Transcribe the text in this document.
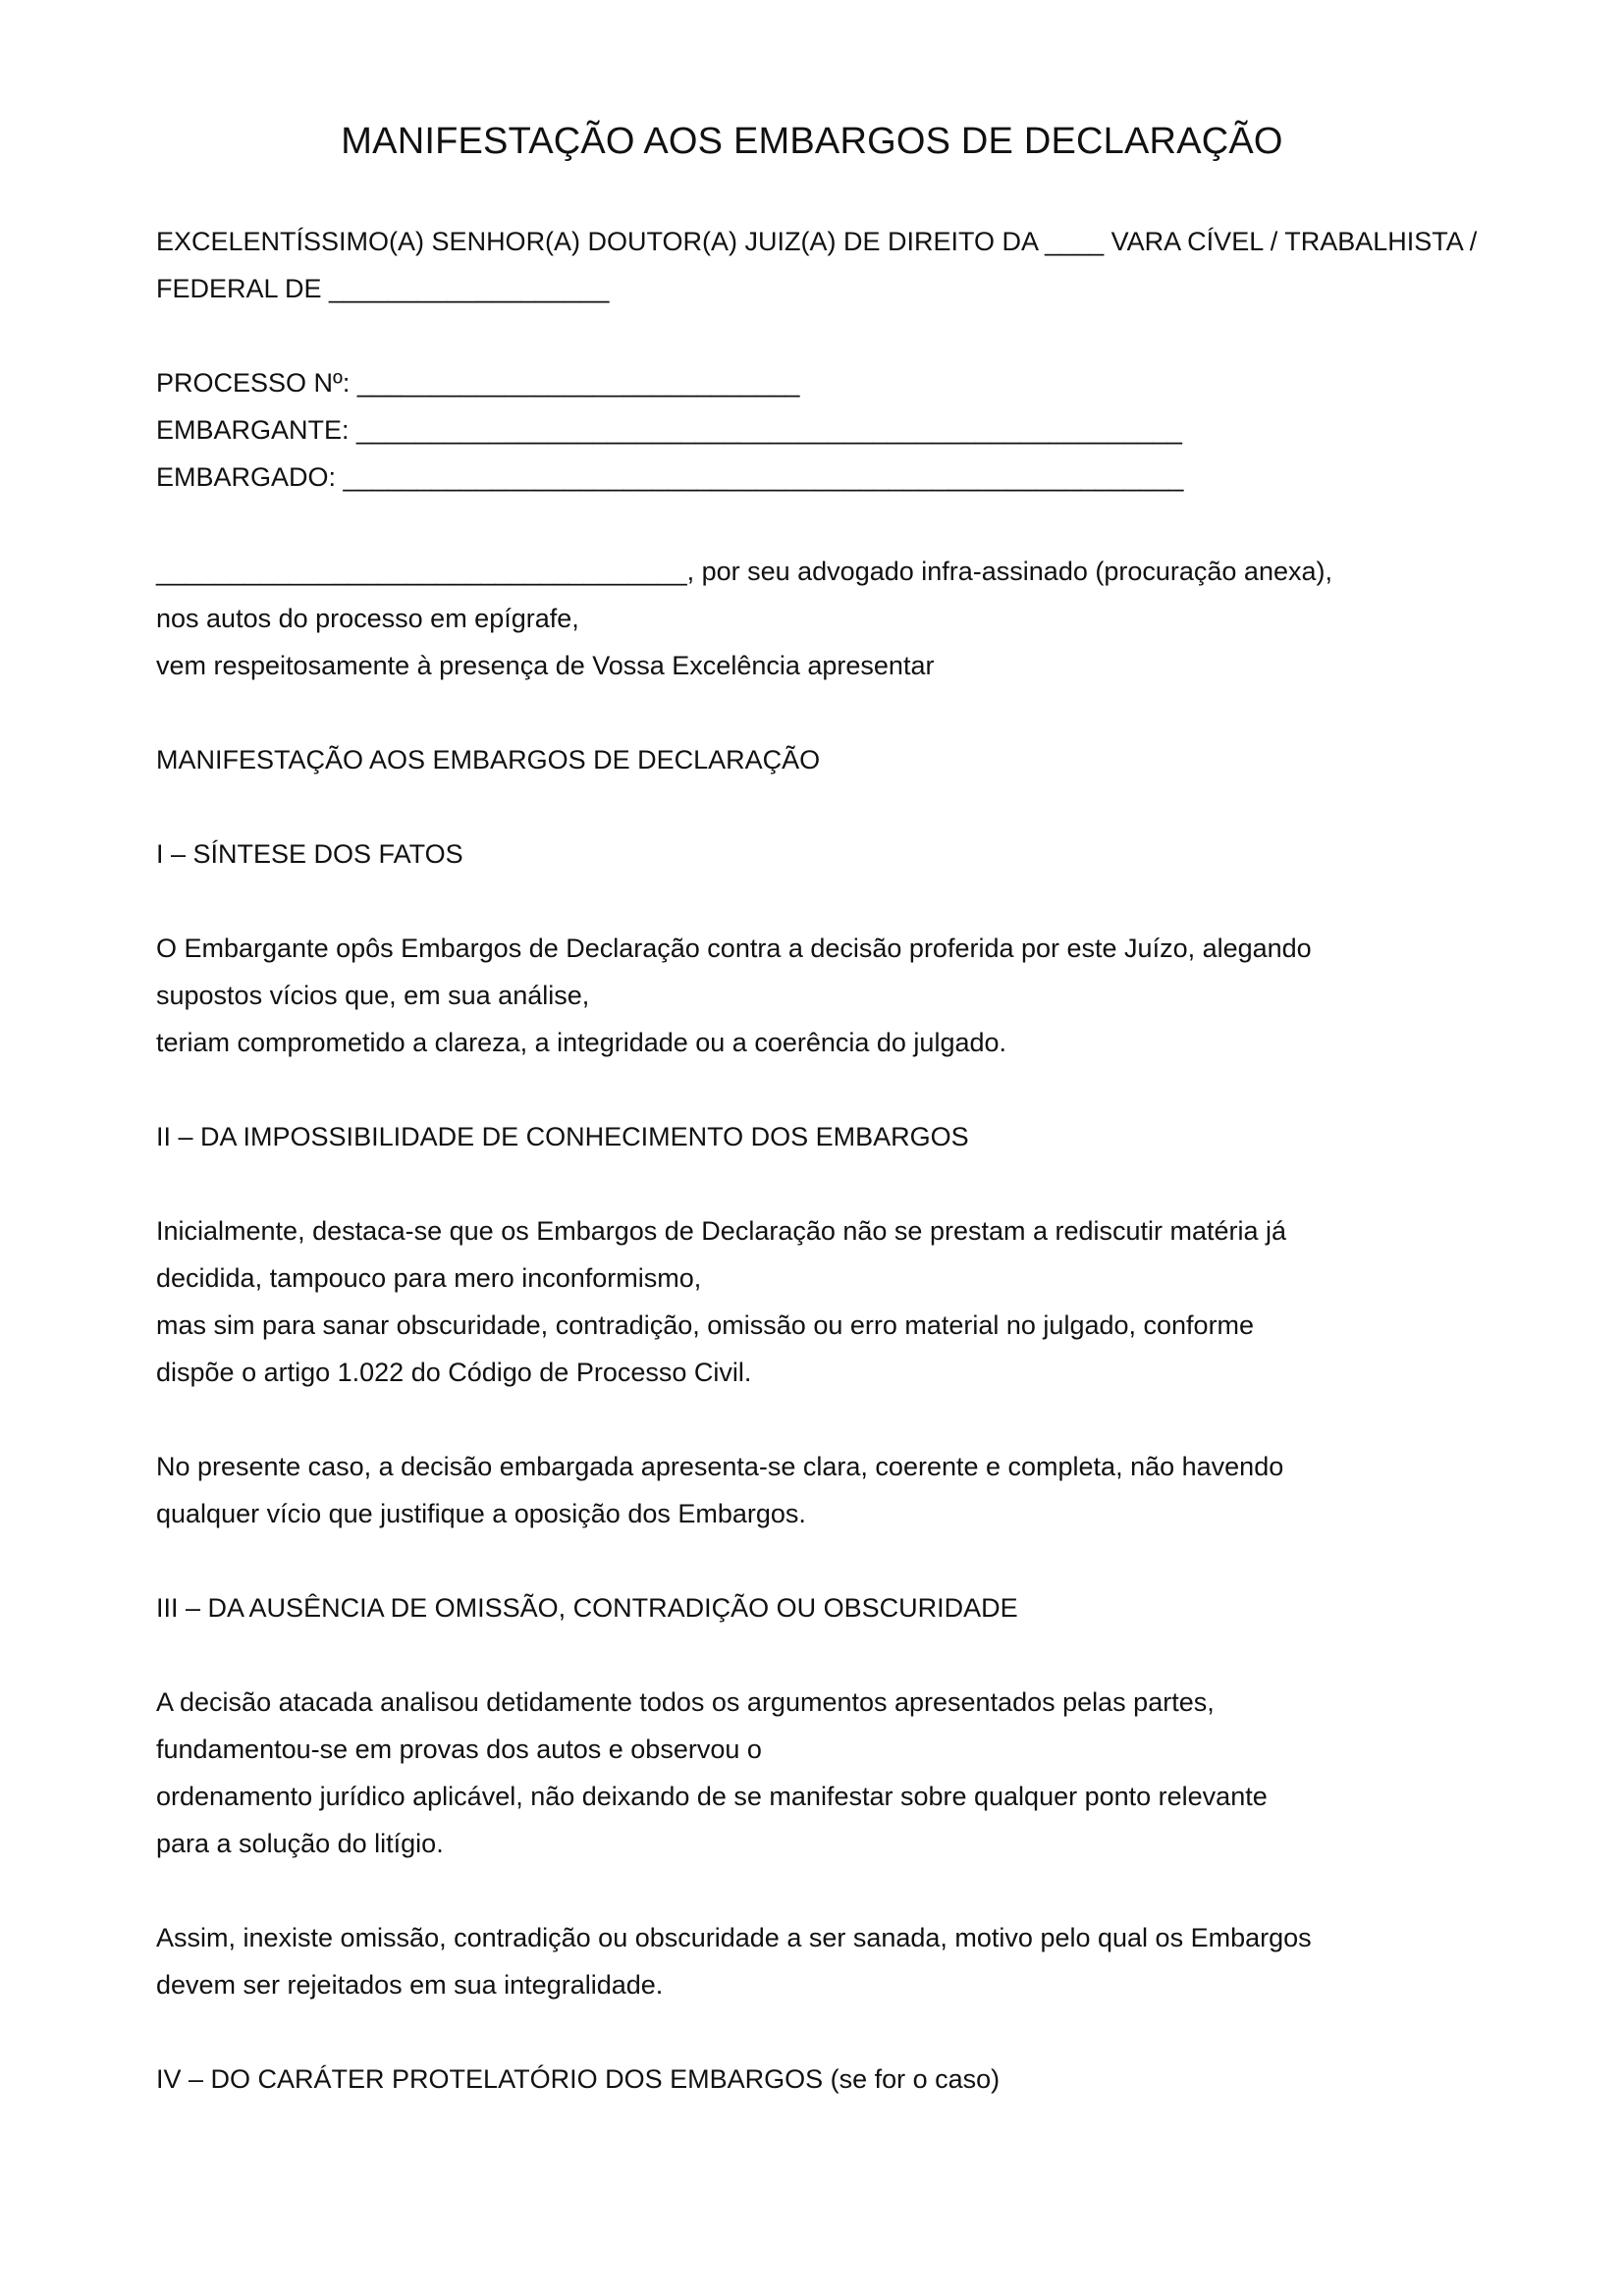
MANIFESTAÇÃO AOS EMBARGOS DE DECLARAÇÃO
EXCELENTÍSSIMO(A) SENHOR(A) DOUTOR(A) JUIZ(A) DE DIREITO DA ____ VARA CÍVEL / TRABALHISTA /
FEDERAL DE ___________________
PROCESSO Nº: ______________________________
EMBARGANTE: ________________________________________________________
EMBARGADO: _________________________________________________________
____________________________________, por seu advogado infra-assinado (procuração anexa),
nos autos do processo em epígrafe,
vem respeitosamente à presença de Vossa Excelência apresentar
MANIFESTAÇÃO AOS EMBARGOS DE DECLARAÇÃO
I – SÍNTESE DOS FATOS
O Embargante opôs Embargos de Declaração contra a decisão proferida por este Juízo, alegando
supostos vícios que, em sua análise,
teriam comprometido a clareza, a integridade ou a coerência do julgado.
II – DA IMPOSSIBILIDADE DE CONHECIMENTO DOS EMBARGOS
Inicialmente, destaca-se que os Embargos de Declaração não se prestam a rediscutir matéria já
decidida, tampouco para mero inconformismo,
mas sim para sanar obscuridade, contradição, omissão ou erro material no julgado, conforme
dispõe o artigo 1.022 do Código de Processo Civil.
No presente caso, a decisão embargada apresenta-se clara, coerente e completa, não havendo
qualquer vício que justifique a oposição dos Embargos.
III – DA AUSÊNCIA DE OMISSÃO, CONTRADIÇÃO OU OBSCURIDADE
A decisão atacada analisou detidamente todos os argumentos apresentados pelas partes,
fundamentou-se em provas dos autos e observou o
ordenamento jurídico aplicável, não deixando de se manifestar sobre qualquer ponto relevante
para a solução do litígio.
Assim, inexiste omissão, contradição ou obscuridade a ser sanada, motivo pelo qual os Embargos
devem ser rejeitados em sua integralidade.
IV – DO CARÁTER PROTELATÓRIO DOS EMBARGOS (se for o caso)
